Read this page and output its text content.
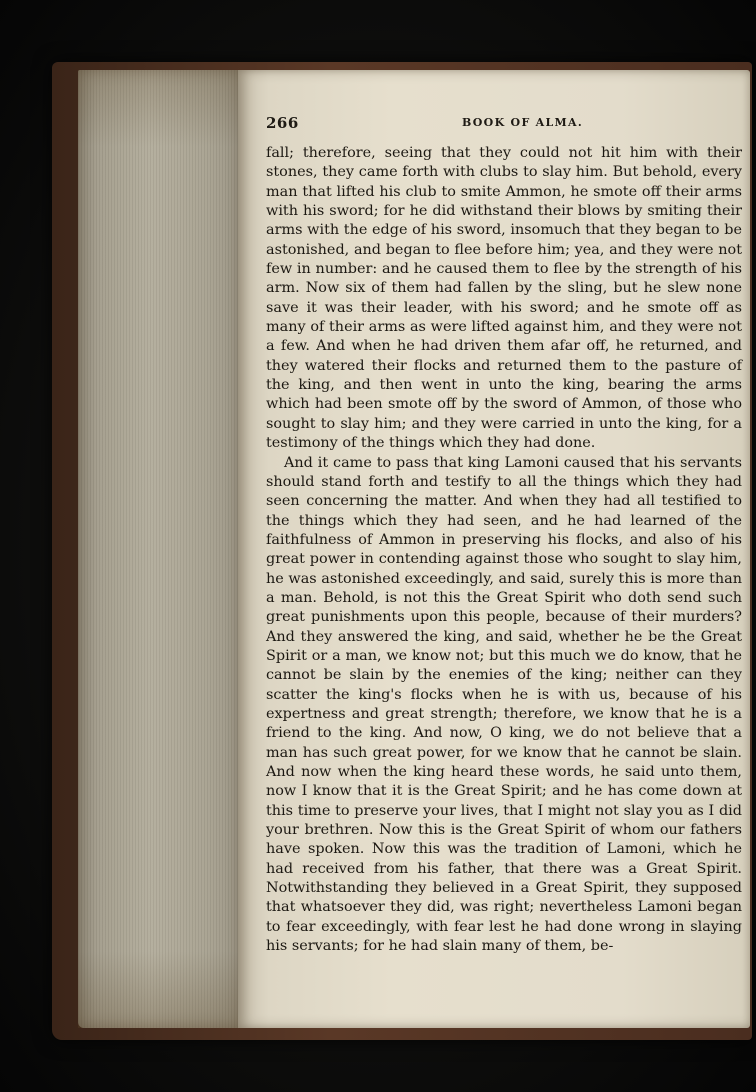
266	BOOK OF ALMA.

fall; therefore, seeing that they could not hit him with their stones, they came forth with clubs to slay him. But behold, every man that lifted his club to smite Ammon, he smote off their arms with his sword; for he did withstand their blows by smiting their arms with the edge of his sword, insomuch that they began to be astonished, and began to flee before him; yea, and they were not few in number: and he caused them to flee by the strength of his arm. Now six of them had fallen by the sling, but he slew none save it was their leader, with his sword; and he smote off as many of their arms as were lifted against him, and they were not a few. And when he had driven them afar off, he returned, and they watered their flocks and returned them to the pasture of the king, and then went in unto the king, bearing the arms which had been smote off by the sword of Ammon, of those who sought to slay him; and they were carried in unto the king, for a testimony of the things which they had done.

And it came to pass that king Lamoni caused that his servants should stand forth and testify to all the things which they had seen concerning the matter. And when they had all testified to the things which they had seen, and he had learned of the faithfulness of Ammon in preserving his flocks, and also of his great power in contending against those who sought to slay him, he was astonished exceedingly, and said, surely this is more than a man. Behold, is not this the Great Spirit who doth send such great punishments upon this people, because of their murders? And they answered the king, and said, whether he be the Great Spirit or a man, we know not; but this much we do know, that he cannot be slain by the enemies of the king; neither can they scatter the king's flocks when he is with us, because of his expertness and great strength; therefore, we know that he is a friend to the king. And now, O king, we do not believe that a man has such great power, for we know that he cannot be slain. And now when the king heard these words, he said unto them, now I know that it is the Great Spirit; and he has come down at this time to preserve your lives, that I might not slay you as I did your brethren. Now this is the Great Spirit of whom our fathers have spoken. Now this was the tradition of Lamoni, which he had received from his father, that there was a Great Spirit. Notwithstanding they believed in a Great Spirit, they supposed that whatsoever they did, was right; nevertheless Lamoni began to fear exceedingly, with fear lest he had done wrong in slaying his servants; for he had slain many of them, be-
